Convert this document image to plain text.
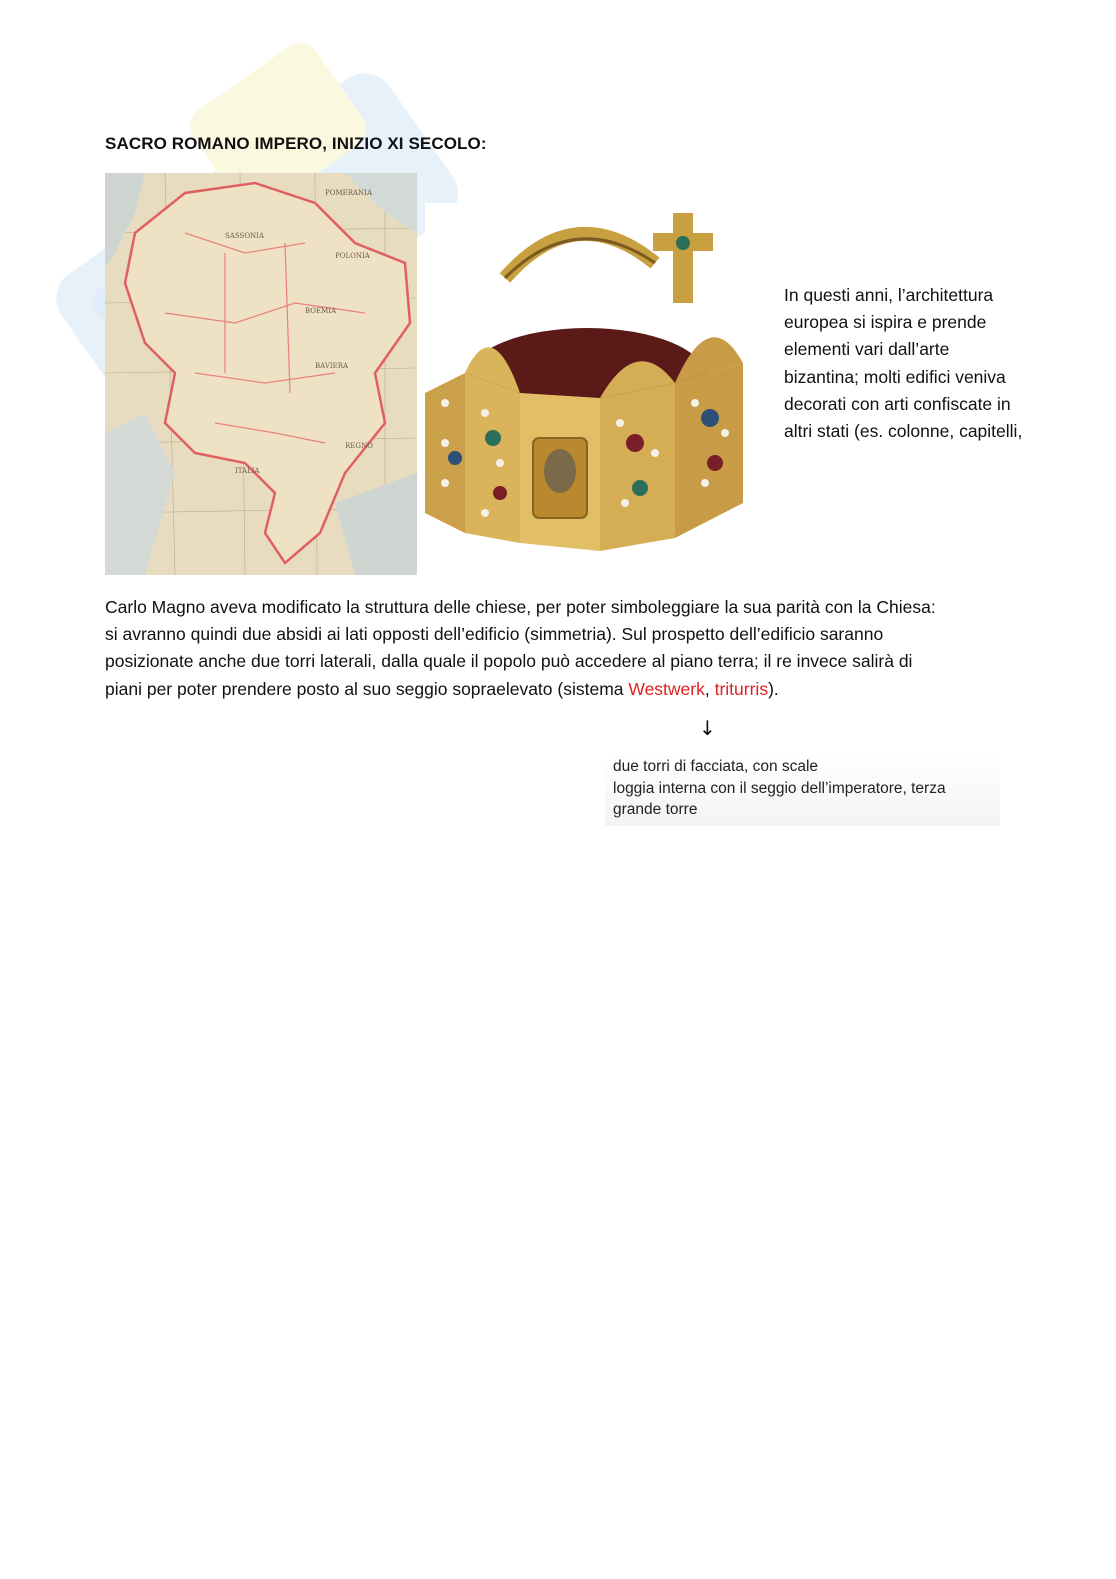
SACRO ROMANO IMPERO, INIZIO XI SECOLO:
POMERANIA
POLONIA
SASSONIA
BOEMIA
BAVIERA
ITALIA
REGNO
In questi anni, l’architettura
europea si ispira e prende
elementi vari dall’arte
bizantina; molti edifici veniva
decorati con arti confiscate in
altri stati (es. colonne, capitelli,
Carlo Magno aveva modificato la struttura delle chiese, per poter simboleggiare la sua parità con la Chiesa:
si avranno quindi due absidi ai lati opposti dell’edificio (simmetria). Sul prospetto dell’edificio saranno
posizionate anche due torri laterali, dalla quale il popolo può accedere al piano terra; il re invece salirà di
piani per poter prendere posto al suo seggio sopraelevato (sistema Westwerk, triturris).
↓
due torri di facciata, con scale
loggia interna con il seggio dell’imperatore, terza
grande torre
